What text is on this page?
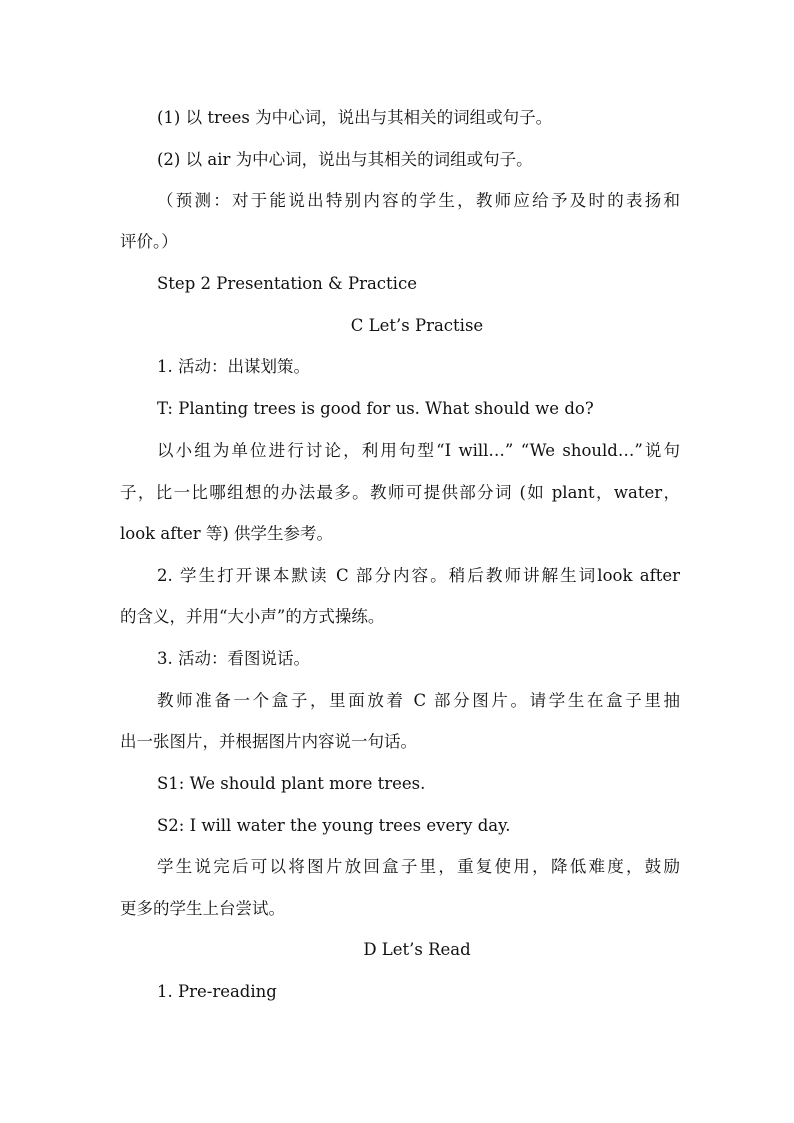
(1) 以 trees 为中心词，说出与其相关的词组或句子。
(2) 以 air 为中心词，说出与其相关的词组或句子。
（预测：对于能说出特别内容的学生，教师应给予及时的表扬和
评价。）
Step 2 Presentation & Practice
C Let’s Practise
1. 活动：出谋划策。
T: Planting trees is good for us. What should we do?
以小组为单位进行讨论，利用句型“I will…” “We should…”说句
子，比一比哪组想的办法最多。教师可提供部分词 (如 plant，water，
look after 等) 供学生参考。
2. 学生打开课本默读 C 部分内容。稍后教师讲解生词look after
的含义，并用“大小声”的方式操练。
3. 活动：看图说话。
教师准备一个盒子，里面放着 C 部分图片。请学生在盒子里抽
出一张图片，并根据图片内容说一句话。
S1: We should plant more trees.
S2: I will water the young trees every day.
学生说完后可以将图片放回盒子里，重复使用，降低难度，鼓励
更多的学生上台尝试。
D Let’s Read
1. Pre-reading
